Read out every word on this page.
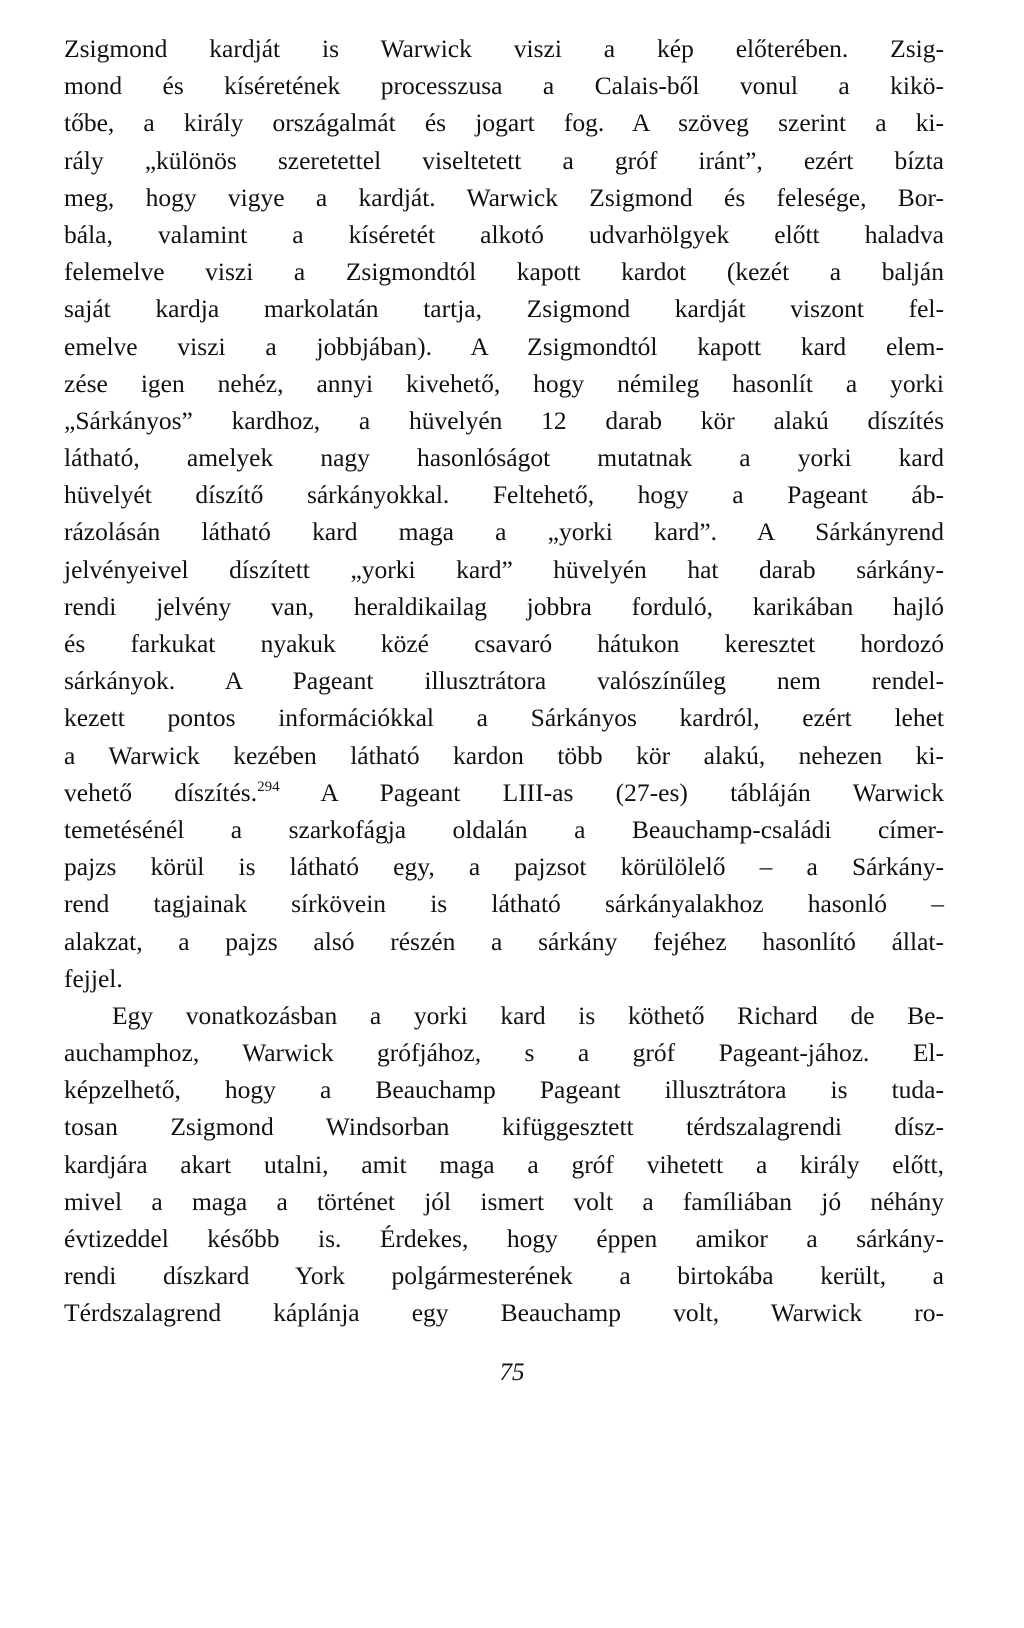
Zsigmond kardját is Warwick viszi a kép előterében. Zsig-
mond és kíséretének processzusa a Calais-ből vonul a kikö-
tőbe, a király országalmát és jogart fog. A szöveg szerint a ki-
rály „különös szeretettel viseltetett a gróf iránt”, ezért bízta
meg, hogy vigye a kardját. Warwick Zsigmond és felesége, Bor-
bála, valamint a kíséretét alkotó udvarhölgyek előtt haladva
felemelve viszi a Zsigmondtól kapott kardot (kezét a balján
saját kardja markolatán tartja, Zsigmond kardját viszont fel-
emelve viszi a jobbjában). A Zsigmondtól kapott kard elem-
zése igen nehéz, annyi kivehető, hogy némileg hasonlít a yorki
„Sárkányos” kardhoz, a hüvelyén 12 darab kör alakú díszítés
látható, amelyek nagy hasonlóságot mutatnak a yorki kard
hüvelyét díszítő sárkányokkal. Feltehető, hogy a Pageant áb-
rázolásán látható kard maga a „yorki kard”. A Sárkányrend
jelvényeivel díszített „yorki kard” hüvelyén hat darab sárkány-
rendi jelvény van, heraldikailag jobbra forduló, karikában hajló
és farkukat nyakuk közé csavaró hátukon keresztet hordozó
sárkányok. A Pageant illusztrátora valószínűleg nem rendel-
kezett pontos információkkal a Sárkányos kardról, ezért lehet
a Warwick kezében látható kardon több kör alakú, nehezen ki-
vehető díszítés.$^{294}$ A Pageant LIII-as (27-es) tábláján Warwick
temetésénél a szarkofágja oldalán a Beauchamp-családi címer-
pajzs körül is látható egy, a pajzsot körülölelő – a Sárkány-
rend tagjainak sírkövein is látható sárkányalakhoz hasonló –
alakzat, a pajzs alsó részén a sárkány fejéhez hasonlító állat-
fejjel.
Egy vonatkozásban a yorki kard is köthető Richard de Be-
auchamphoz, Warwick grófjához, s a gróf Pageant-jához. El-
képzelhető, hogy a Beauchamp Pageant illusztrátora is tuda-
tosan Zsigmond Windsorban kifüggesztett térdszalagrendi dísz-
kardjára akart utalni, amit maga a gróf vihetett a király előtt,
mivel a maga a történet jól ismert volt a famíliában jó néhány
évtizeddel később is. Érdekes, hogy éppen amikor a sárkány-
rendi díszkard York polgármesterének a birtokába került, a
Térdszalagrend káplánja egy Beauchamp volt, Warwick ro-
75
